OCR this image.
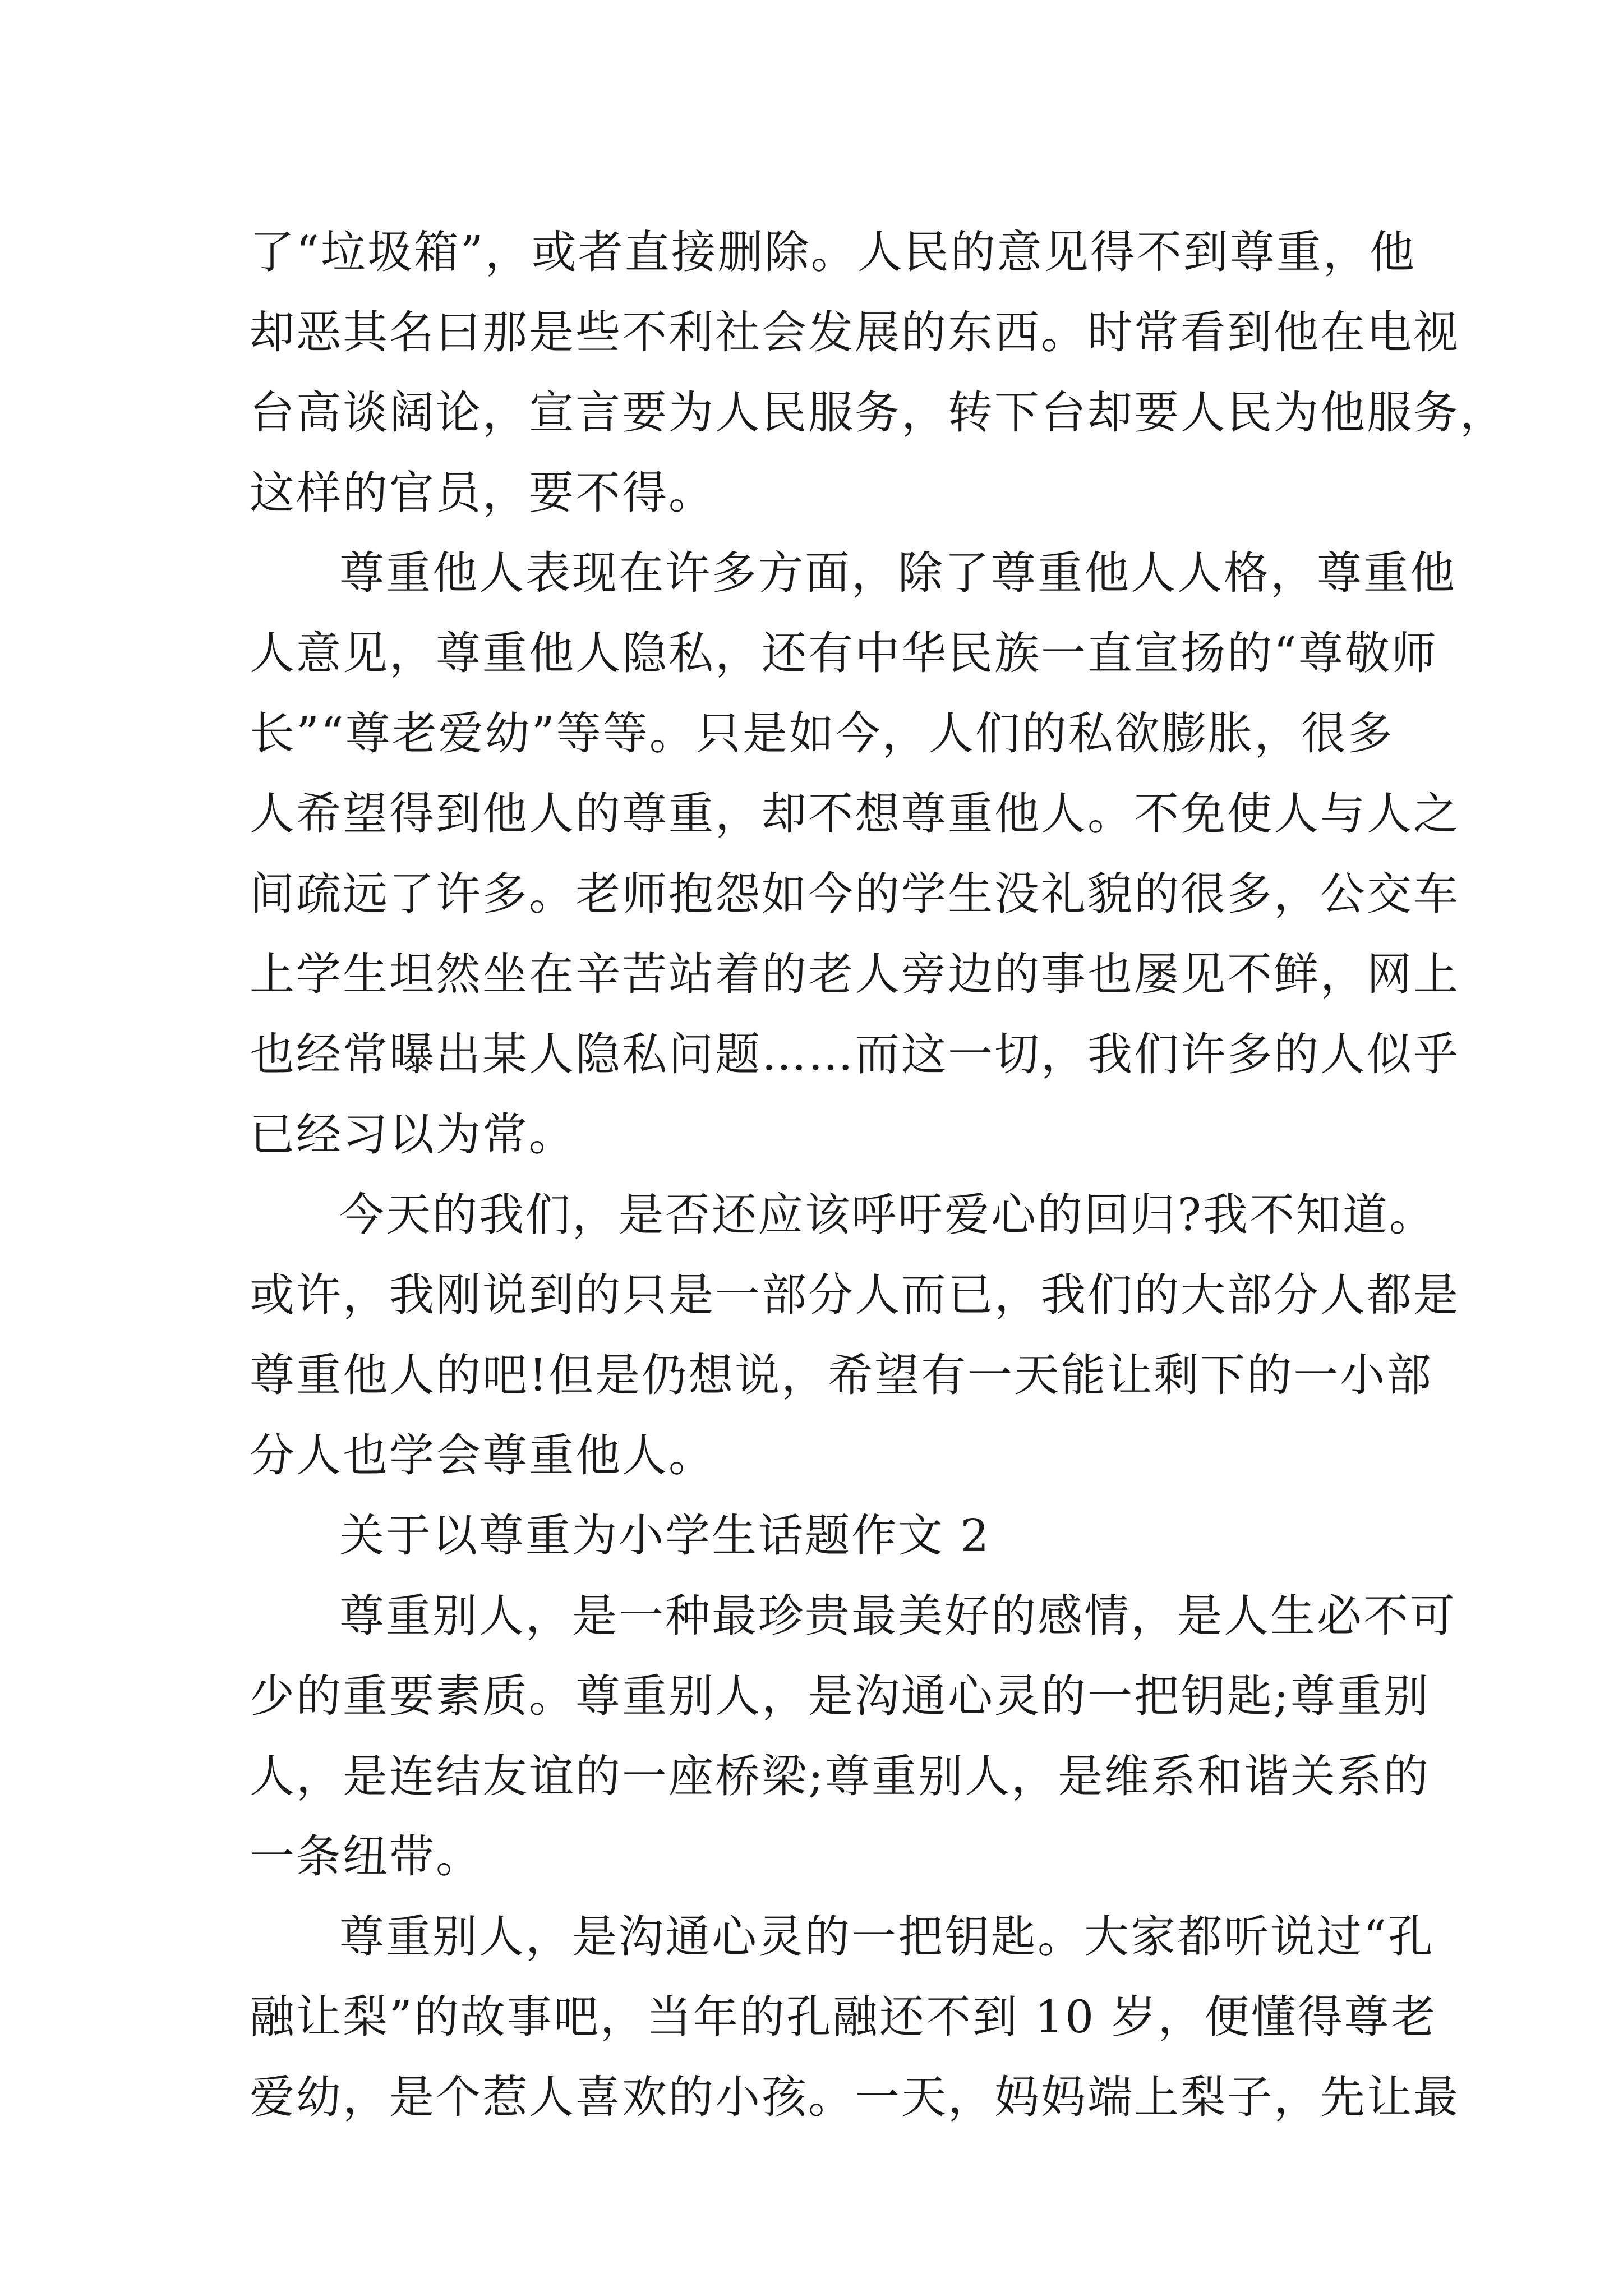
了“垃圾箱”，或者直接删除。人民的意见得不到尊重，他
却恶其名曰那是些不利社会发展的东西。时常看到他在电视
台高谈阔论，宣言要为人民服务，转下台却要人民为他服务，
这样的官员，要不得。
尊重他人表现在许多方面，除了尊重他人人格，尊重他
人意见，尊重他人隐私，还有中华民族一直宣扬的“尊敬师
长”“尊老爱幼”等等。只是如今，人们的私欲膨胀，很多
人希望得到他人的尊重，却不想尊重他人。不免使人与人之
间疏远了许多。老师抱怨如今的学生没礼貌的很多，公交车
上学生坦然坐在辛苦站着的老人旁边的事也屡见不鲜，网上
也经常曝出某人隐私问题……而这一切，我们许多的人似乎
已经习以为常。
今天的我们，是否还应该呼吁爱心的回归?我不知道。
或许，我刚说到的只是一部分人而已，我们的大部分人都是
尊重他人的吧!但是仍想说，希望有一天能让剩下的一小部
分人也学会尊重他人。
关于以尊重为小学生话题作文 2
尊重别人，是一种最珍贵最美好的感情，是人生必不可
少的重要素质。尊重别人，是沟通心灵的一把钥匙;尊重别
人，是连结友谊的一座桥梁;尊重别人，是维系和谐关系的
一条纽带。
尊重别人，是沟通心灵的一把钥匙。大家都听说过“孔
融让梨”的故事吧，当年的孔融还不到 10 岁，便懂得尊老
爱幼，是个惹人喜欢的小孩。一天，妈妈端上梨子，先让最
